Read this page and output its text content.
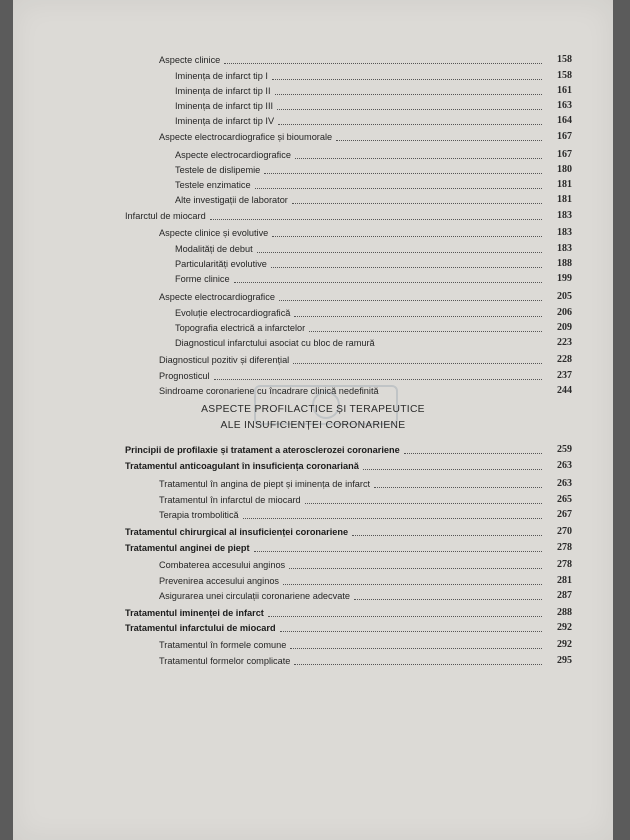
Aspecte clinice	158
Iminența de infarct tip I	158
Iminența de infarct tip II	161
Iminența de infarct tip III	163
Iminența de infarct tip IV	164
Aspecte electrocardiografice și bioumorale	167
Aspecte electrocardiografice	167
Testele de dislipemie	180
Testele enzimatice	181
Alte investigații de laborator	181
Infarctul de miocard	183
Aspecte clinice și evolutive	183
Modalități de debut	183
Particularități evolutive	188
Forme clinice	199
Aspecte electrocardiografice	205
Evoluție electrocardiografică	206
Topografia electrică a infarctelor	209
Diagnosticul infarctului asociat cu bloc de ramură	223
Diagnosticul pozitiv și diferențial	228
Prognosticul	237
Sindroame coronariene cu încadrare clinică nedefinită	244
ASPECTE PROFILACTICE ȘI TERAPEUTICE
ALE INSUFICIENȚEI CORONARIENE
Principii de profilaxie și tratament a aterosclerozei coronariene	259
Tratamentul anticoagulant în insuficiența coronariană	263
Tratamentul în angina de piept și iminența de infarct	263
Tratamentul în infarctul de miocard	265
Terapia trombolitică	267
Tratamentul chirurgical al insuficienței coronariene	270
Tratamentul anginei de piept	278
Combaterea accesului anginos	278
Prevenirea accesului anginos	281
Asigurarea unei circulații coronariene adecvate	287
Tratamentul iminenței de infarct	288
Tratamentul infarctului de miocard	292
Tratamentul în formele comune	292
Tratamentul formelor complicate	295
